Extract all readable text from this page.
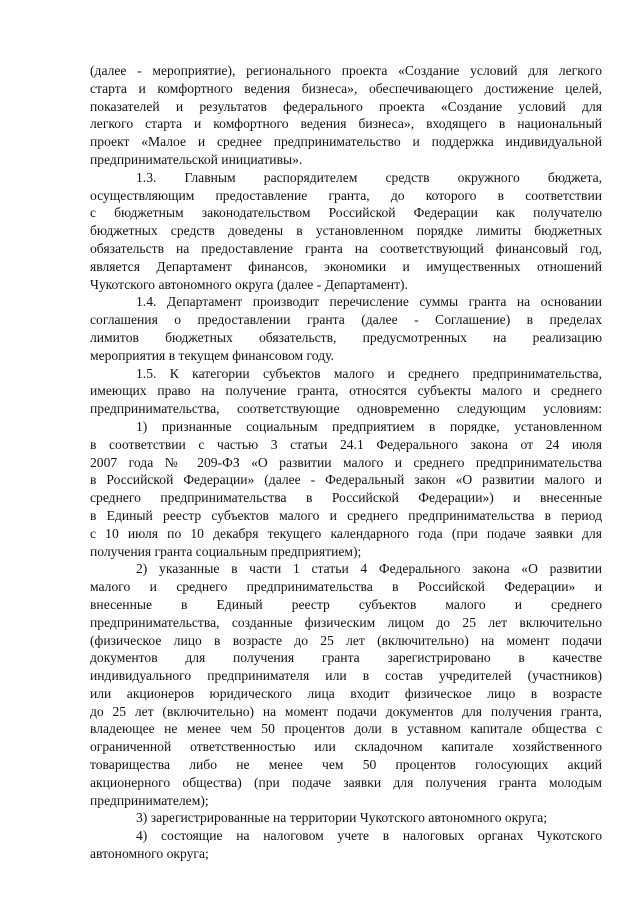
(далее - мероприятие), регионального проекта «Создание условий для легкого
старта и комфортного ведения бизнеса», обеспечивающего достижение целей,
показателей и результатов федерального проекта «Создание условий для
легкого старта и комфортного ведения бизнеса», входящего в национальный
проект «Малое и среднее предпринимательство и поддержка индивидуальной
предпринимательской инициативы».
1.3. Главным распорядителем средств окружного бюджета,
осуществляющим предоставление гранта, до которого в соответствии
с бюджетным законодательством Российской Федерации как получателю
бюджетных средств доведены в установленном порядке лимиты бюджетных
обязательств на предоставление гранта на соответствующий финансовый год,
является Департамент финансов, экономики и имущественных отношений
Чукотского автономного округа (далее - Департамент).
1.4. Департамент производит перечисление суммы гранта на основании
соглашения о предоставлении гранта (далее - Соглашение) в пределах
лимитов бюджетных обязательств, предусмотренных на реализацию
мероприятия в текущем финансовом году.
1.5. К категории субъектов малого и среднего предпринимательства,
имеющих право на получение гранта, относятся субъекты малого и среднего
предпринимательства, соответствующие одновременно следующим условиям:
1) признанные социальным предприятием в порядке, установленном
в соответствии с частью 3 статьи 24.1 Федерального закона от 24 июля
2007 года № 209-ФЗ «О развитии малого и среднего предпринимательства
в Российской Федерации» (далее - Федеральный закон «О развитии малого и
среднего предпринимательства в Российской Федерации») и внесенные
в Единый реестр субъектов малого и среднего предпринимательства в период
с 10 июля по 10 декабря текущего календарного года (при подаче заявки для
получения гранта социальным предприятием);
2) указанные в части 1 статьи 4 Федерального закона «О развитии
малого и среднего предпринимательства в Российской Федерации» и
внесенные в Единый реестр субъектов малого и среднего
предпринимательства, созданные физическим лицом до 25 лет включительно
(физическое лицо в возрасте до 25 лет (включительно) на момент подачи
документов для получения гранта зарегистрировано в качестве
индивидуального предпринимателя или в состав учредителей (участников)
или акционеров юридического лица входит физическое лицо в возрасте
до 25 лет (включительно) на момент подачи документов для получения гранта,
владеющее не менее чем 50 процентов доли в уставном капитале общества с
ограниченной ответственностью или складочном капитале хозяйственного
товарищества либо не менее чем 50 процентов голосующих акций
акционерного общества) (при подаче заявки для получения гранта молодым
предпринимателем);
3) зарегистрированные на территории Чукотского автономного округа;
4) состоящие на налоговом учете в налоговых органах Чукотского
автономного округа;
